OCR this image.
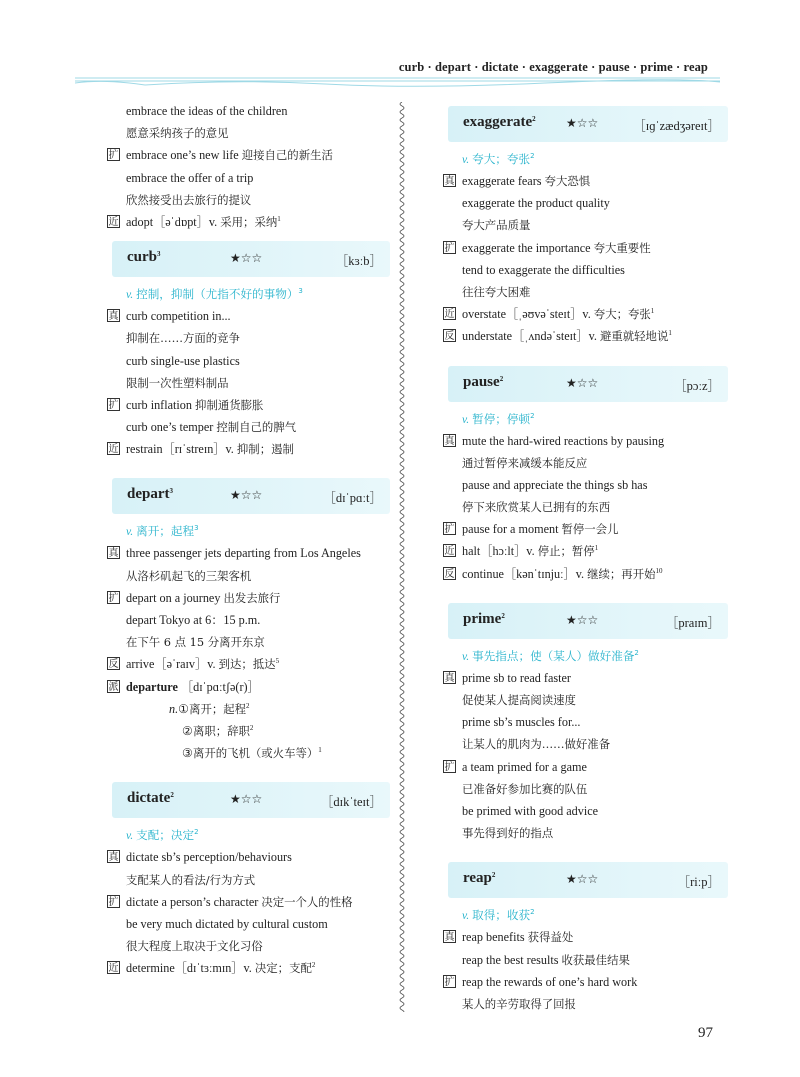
curb · depart · dictate · exaggerate · pause · prime · reap
embrace the ideas of the children
愿意采纳孩子的意见
扩 embrace one’s new life 迎接自己的新生活
embrace the offer of a trip
欣然接受出去旅行的提议
近 adopt［əˈdɒpt］v. 采用；采纳$^1$
curb$^3$	★☆☆	［kɜːb］
v. 控制，抑制（尤指不好的事物）$^3$
真 curb competition in...
抑制在……方面的竞争
curb single-use plastics
限制一次性塑料制品
扩 curb inflation 抑制通货膨胀
curb one’s temper 控制自己的脾气
近 restrain［rɪˈstreɪn］v. 抑制；遏制
depart$^3$	★☆☆	［dɪˈpɑːt］
v. 离开；起程$^3$
真 three passenger jets departing from Los Angeles
从洛杉矶起飞的三架客机
扩 depart on a journey 出发去旅行
depart Tokyo at 6：15 p.m.
在下午 6 点 15 分离开东京
反 arrive［əˈraɪv］v. 到达；抵达$^5$
派 departure ［dɪˈpɑːtʃə(r)］
n.①离开；起程$^2$
②离职；辞职$^2$
③离开的飞机（或火车等）$^1$
dictate$^2$	★☆☆	［dɪkˈteɪt］
v. 支配；决定$^2$
真 dictate sb’s perception/behaviours
支配某人的看法/行为方式
扩 dictate a person’s character 决定一个人的性格
be very much dictated by cultural custom
很大程度上取决于文化习俗
近 determine［dɪˈtɜːmɪn］v. 决定；支配$^2$
exaggerate$^2$	★☆☆	［ɪɡˈzædʒəreɪt］
v. 夸大；夸张$^2$
真 exaggerate fears 夸大恐惧
exaggerate the product quality
夸大产品质量
扩 exaggerate the importance 夸大重要性
tend to exaggerate the difficulties
往往夸大困难
近 overstate［ˌəʊvəˈsteɪt］v. 夸大；夸张$^1$
反 understate［ˌʌndəˈsteɪt］v. 避重就轻地说$^1$
pause$^2$	★☆☆	［pɔːz］
v. 暂停；停顿$^2$
真 mute the hard-wired reactions by pausing
通过暂停来减缓本能反应
pause and appreciate the things sb has
停下来欣赏某人已拥有的东西
扩 pause for a moment 暂停一会儿
近 halt［hɔːlt］v. 停止；暂停$^1$
反 continue［kənˈtɪnjuː］v. 继续；再开始$^{10}$
prime$^2$	★☆☆	［praɪm］
v. 事先指点；使（某人）做好准备$^2$
真 prime sb to read faster
促使某人提高阅读速度
prime sb’s muscles for...
让某人的肌肉为……做好准备
扩 a team primed for a game
已准备好参加比赛的队伍
be primed with good advice
事先得到好的指点
reap$^2$	★☆☆	［riːp］
v. 取得；收获$^2$
真 reap benefits 获得益处
reap the best results 收获最佳结果
扩 reap the rewards of one’s hard work
某人的辛劳取得了回报
97
